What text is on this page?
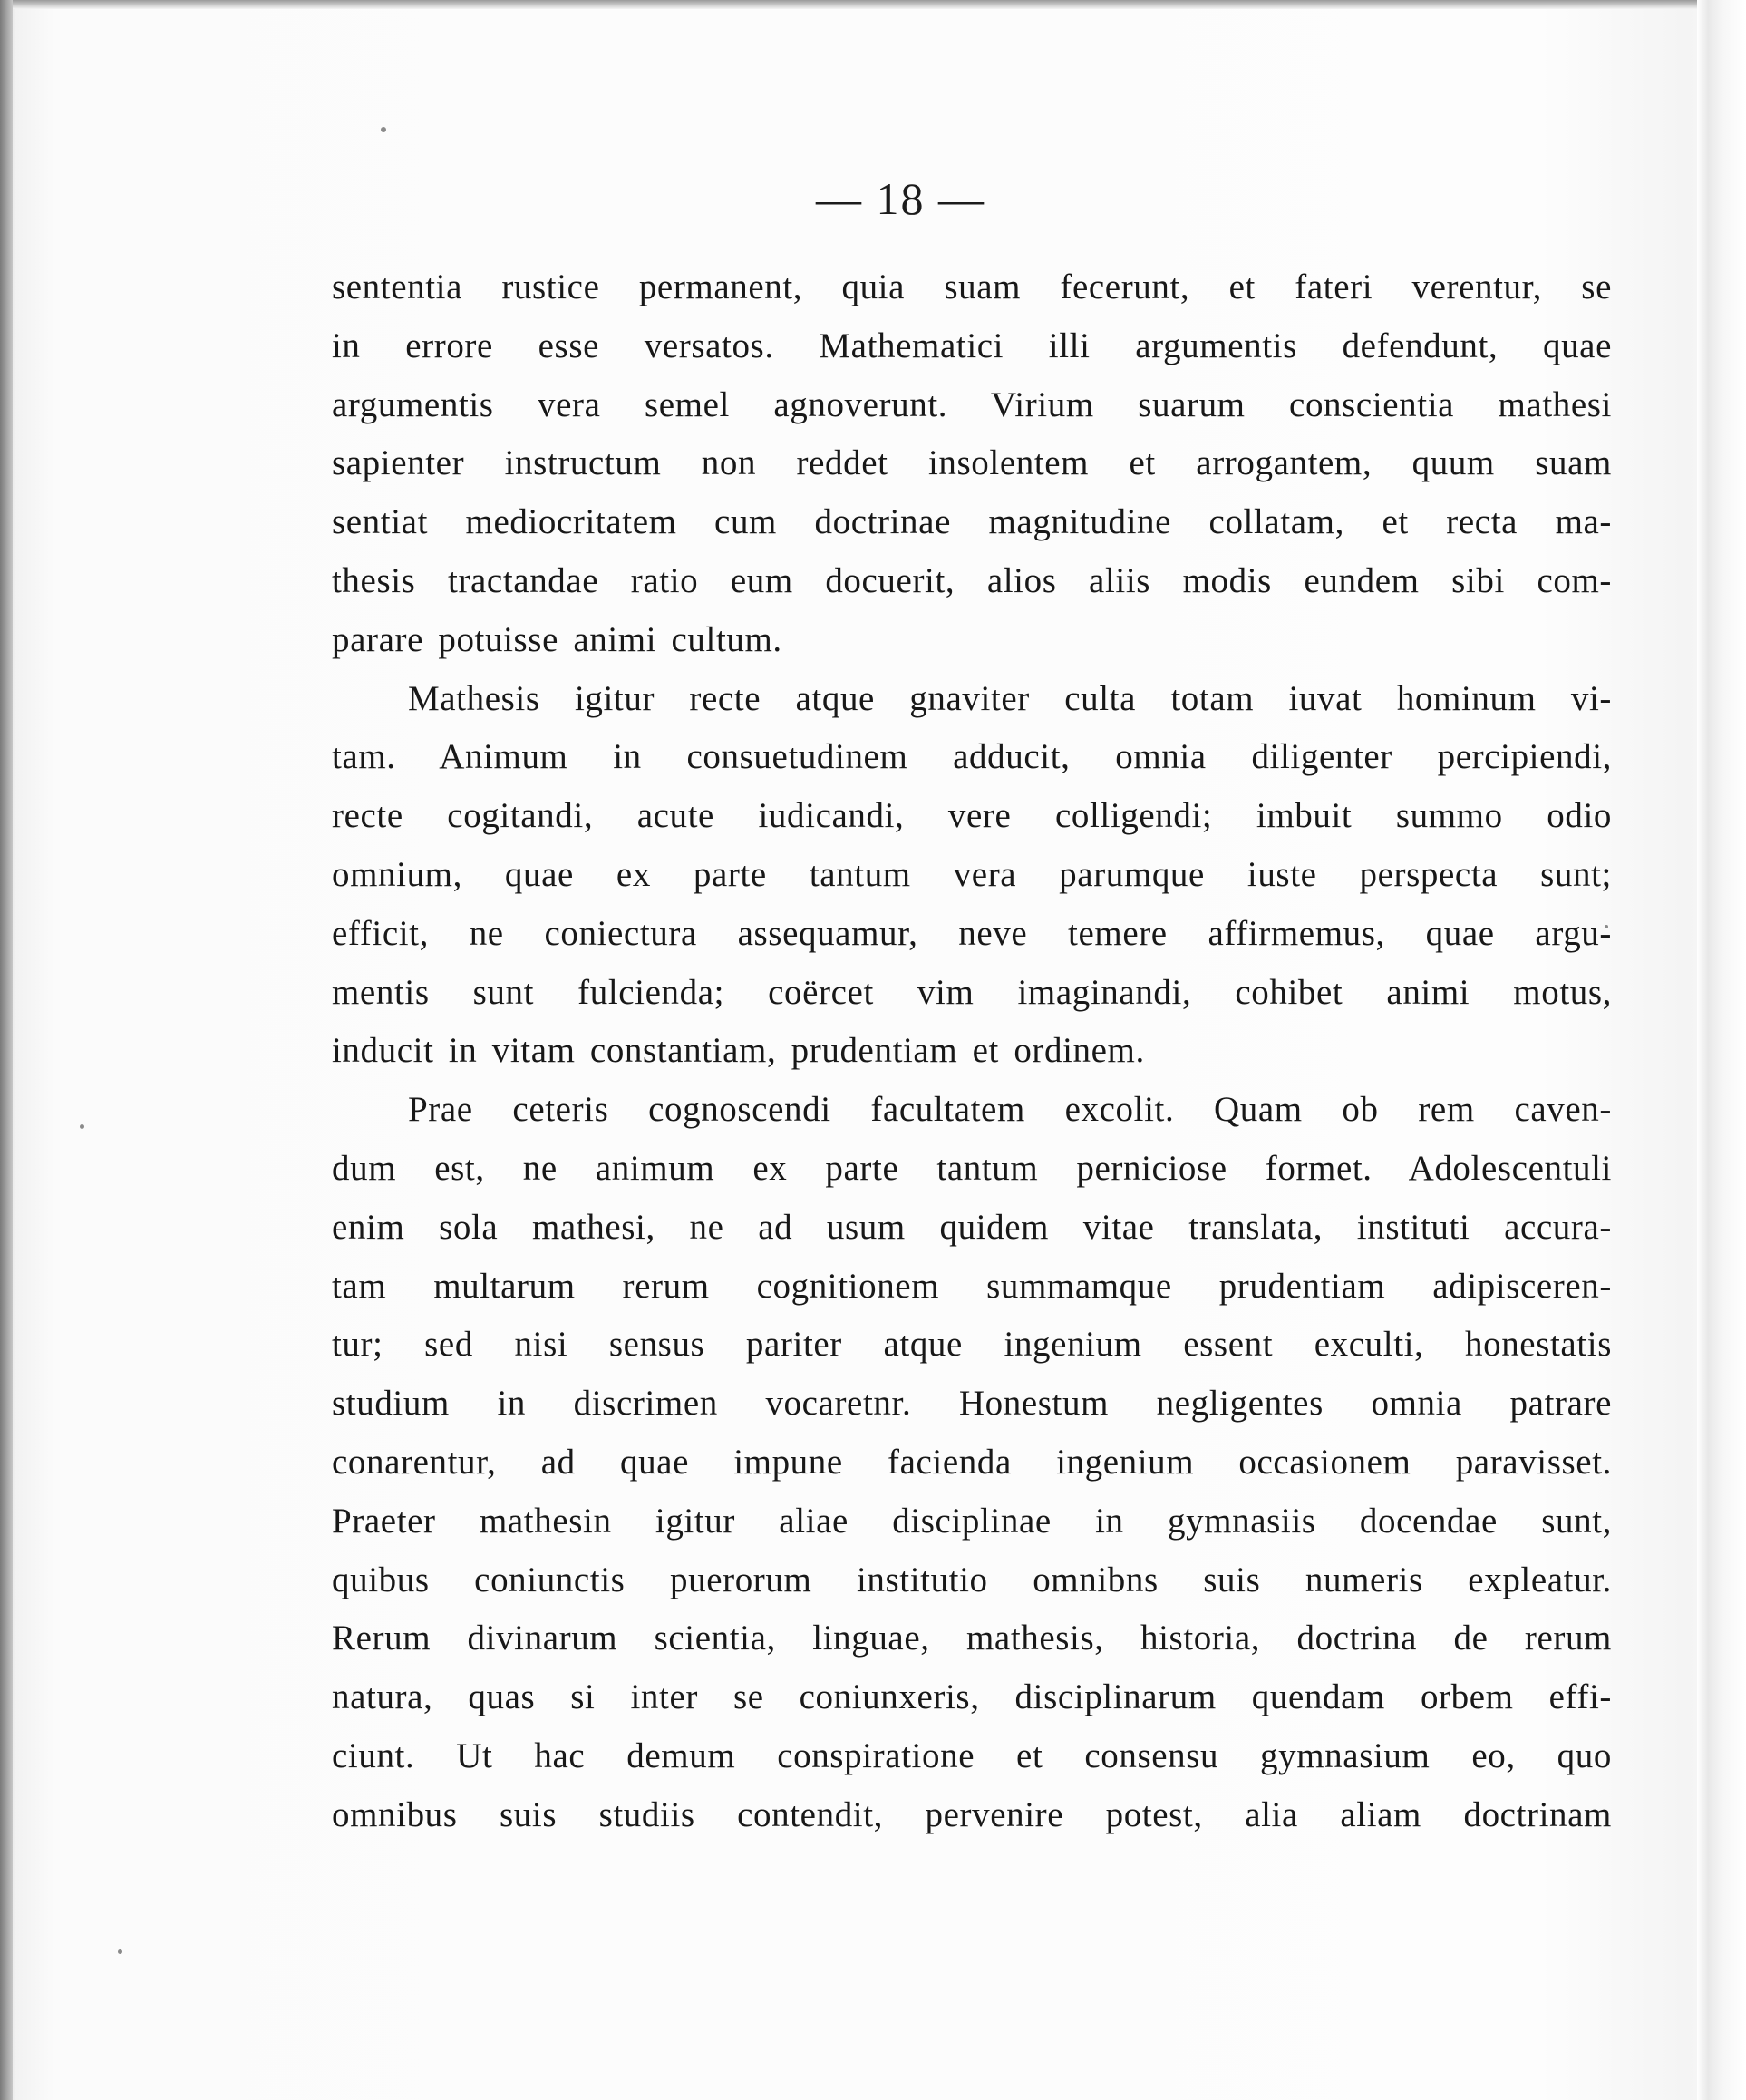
— 18 —
sententia rustice permanent, quia suam fecerunt, et fateri verentur, se
in errore esse versatos. Mathematici illi argumentis defendunt, quae
argumentis vera semel agnoverunt. Virium suarum conscientia mathesi
sapienter instructum non reddet insolentem et arrogantem, quum suam
sentiat mediocritatem cum doctrinae magnitudine collatam, et recta ma-
thesis tractandae ratio eum docuerit, alios aliis modis eundem sibi com-
parare potuisse animi cultum.
Mathesis igitur recte atque gnaviter culta totam iuvat hominum vi-
tam. Animum in consuetudinem adducit, omnia diligenter percipiendi,
recte cogitandi, acute iudicandi, vere colligendi; imbuit summo odio
omnium, quae ex parte tantum vera parumque iuste perspecta sunt;
efficit, ne coniectura assequamur, neve temere affirmemus, quae argu-
mentis sunt fulcienda; coërcet vim imaginandi, cohibet animi motus,
inducit in vitam constantiam, prudentiam et ordinem.
Prae ceteris cognoscendi facultatem excolit. Quam ob rem caven-
dum est, ne animum ex parte tantum perniciose formet. Adolescentuli
enim sola mathesi, ne ad usum quidem vitae translata, instituti accura-
tam multarum rerum cognitionem summamque prudentiam adipisceren-
tur; sed nisi sensus pariter atque ingenium essent exculti, honestatis
studium in discrimen vocaretnr. Honestum negligentes omnia patrare
conarentur, ad quae impune facienda ingenium occasionem paravisset.
Praeter mathesin igitur aliae disciplinae in gymnasiis docendae sunt,
quibus coniunctis puerorum institutio omnibns suis numeris expleatur.
Rerum divinarum scientia, linguae, mathesis, historia, doctrina de rerum
natura, quas si inter se coniunxeris, disciplinarum quendam orbem effi-
ciunt. Ut hac demum conspiratione et consensu gymnasium eo, quo
omnibus suis studiis contendit, pervenire potest, alia aliam doctrinam
